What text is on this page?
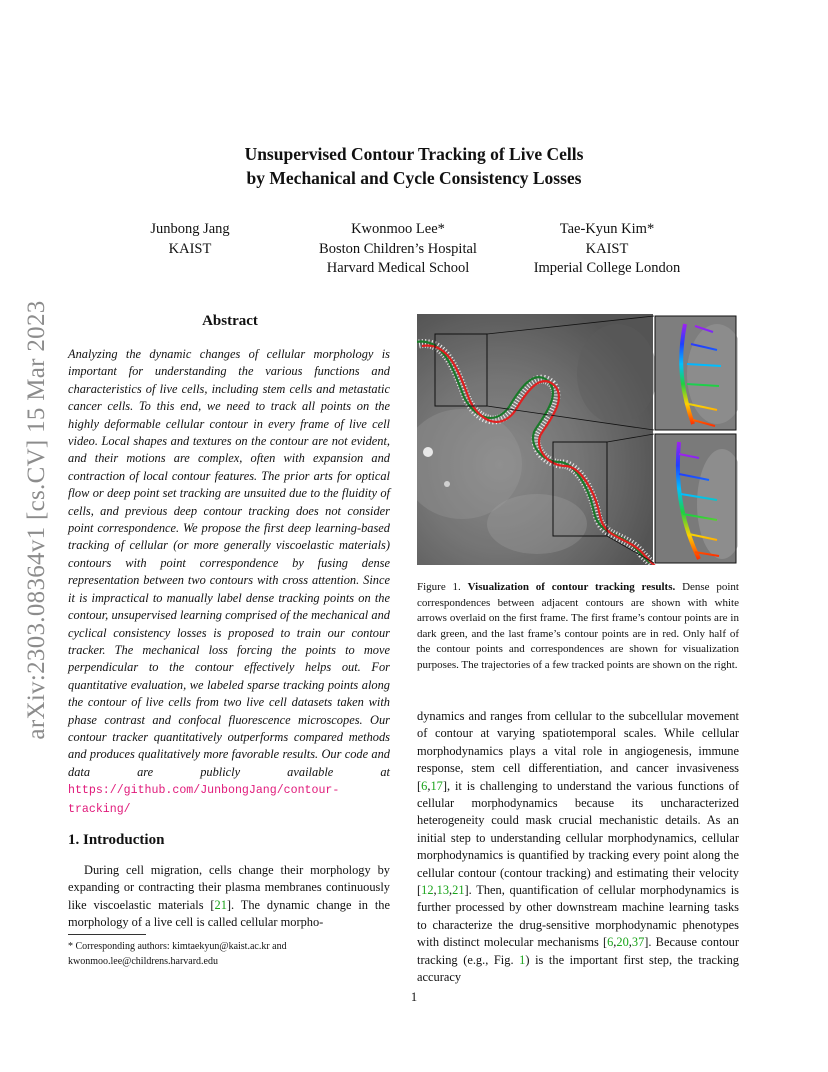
arXiv:2303.08364v1 [cs.CV] 15 Mar 2023
Unsupervised Contour Tracking of Live Cells
by Mechanical and Cycle Consistency Losses
Junbong Jang
KAIST
Kwonmoo Lee*
Boston Children’s Hospital
Harvard Medical School
Tae-Kyun Kim*
KAIST
Imperial College London
Abstract
Analyzing the dynamic changes of cellular morphology is important for understanding the various functions and characteristics of live cells, including stem cells and metastatic cancer cells. To this end, we need to track all points on the highly deformable cellular contour in every frame of live cell video. Local shapes and textures on the contour are not evident, and their motions are complex, often with expansion and contraction of local contour features. The prior arts for optical flow or deep point set tracking are unsuited due to the fluidity of cells, and previous deep contour tracking does not consider point correspondence. We propose the first deep learning-based tracking of cellular (or more generally viscoelastic materials) contours with point correspondence by fusing dense representation between two contours with cross attention. Since it is impractical to manually label dense tracking points on the contour, unsupervised learning comprised of the mechanical and cyclical consistency losses is proposed to train our contour tracker. The mechanical loss forcing the points to move perpendicular to the contour effectively helps out. For quantitative evaluation, we labeled sparse tracking points along the contour of live cells from two live cell datasets taken with phase contrast and confocal fluorescence microscopes. Our contour tracker quantitatively outperforms compared methods and produces qualitatively more favorable results. Our code and data are publicly available at https://github.com/JunbongJang/contour-tracking/
1. Introduction
During cell migration, cells change their morphology by expanding or contracting their plasma membranes continuously like viscoelastic materials [21]. The dynamic change in the morphology of a live cell is called cellular morpho-
* Corresponding authors: kimtaekyun@kaist.ac.kr and kwonmoo.lee@childrens.harvard.edu
Figure 1. Visualization of contour tracking results. Dense point correspondences between adjacent contours are shown with white arrows overlaid on the first frame. The first frame’s contour points are in dark green, and the last frame’s contour points are in red. Only half of the contour points and correspondences are shown for visualization purposes. The trajectories of a few tracked points are shown on the right.
dynamics and ranges from cellular to the subcellular movement of contour at varying spatiotemporal scales. While cellular morphodynamics plays a vital role in angiogenesis, immune response, stem cell differentiation, and cancer invasiveness [6,17], it is challenging to understand the various functions of cellular morphodynamics because its uncharacterized heterogeneity could mask crucial mechanistic details. As an initial step to understanding cellular morphodynamics, cellular morphodynamics is quantified by tracking every point along the cellular contour (contour tracking) and estimating their velocity [12,13,21]. Then, quantification of cellular morphodynamics is further processed by other downstream machine learning tasks to characterize the drug-sensitive morphodynamic phenotypes with distinct molecular mechanisms [6,20,37]. Because contour tracking (e.g., Fig. 1) is the important first step, the tracking accuracy
1
